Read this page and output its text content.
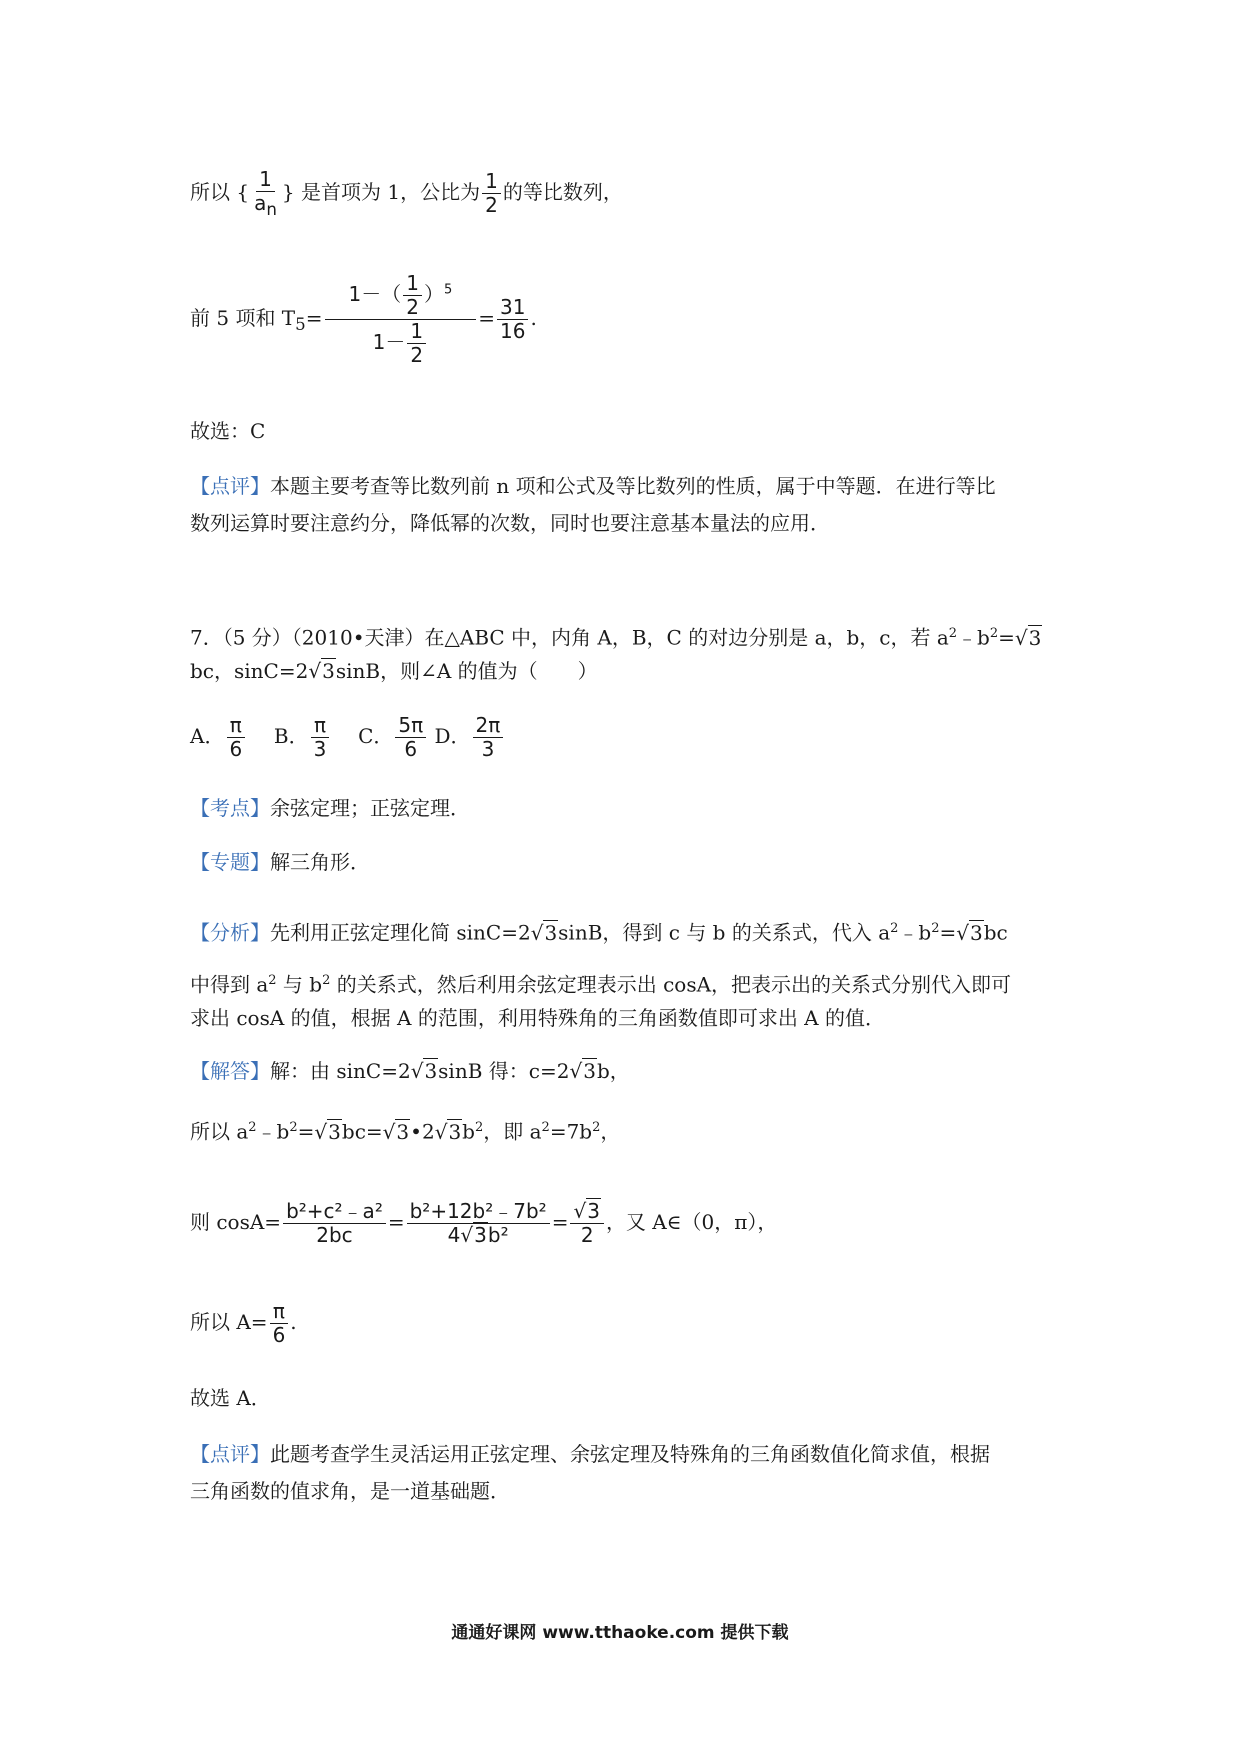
所以 { $\frac{1}{a_n}$ } 是首项为 1，公比为 $\frac{1}{2}$ 的等比数列，
前 5 项和 $T_5= \frac{1-( \frac{1}{2} )^5}{1- \frac{1}{2}} = \frac{31}{16}$ .
故选：C
【点评】本题主要考查等比数列前 n 项和公式及等比数列的性质，属于中等题．在进行等比
数列运算时要注意约分，降低幂的次数，同时也要注意基本量法的应用．
7．（5 分）（2010•天津）在△ABC 中，内角 A，B，C 的对边分别是 a，b，c，若 $a^2﹣b^2=√3$
bc，sinC=2√3sinB，则∠A 的值为（　　）
A． $\frac{\pi}{6}$ B． $\frac{\pi}{3}$ C． $\frac{5\pi}{6}$ D． $\frac{2\pi}{3}$
【考点】余弦定理；正弦定理．
【专题】解三角形．
【分析】先利用正弦定理化简 sinC=2√3sinB，得到 c 与 b 的关系式，代入 $a^2﹣b^2=√3bc$
中得到 $a^2$ 与 $b^2$ 的关系式，然后利用余弦定理表示出 cosA，把表示出的关系式分别代入即可
求出 cosA 的值，根据 A 的范围，利用特殊角的三角函数值即可求出 A 的值．
【解答】解：由 sinC=2√3sinB 得：c=2√3b，
所以 $a^2﹣b^2=√3bc=√3•2√3b^2$，即 $a^2=7b^2$，
则 $\cos A= \frac{\text{b²+c²﹣a²}}{2bc} = \frac{\text{b²+12b²﹣7b²}}{\text{4√3b²}} = \frac{√3}{2}$ ，又 A∈（0，π），
所以 $A= \frac{\pi}{6}$ .
故选 A．
【点评】此题考查学生灵活运用正弦定理、余弦定理及特殊角的三角函数值化简求值，根据
三角函数的值求角，是一道基础题．
通通好课网 www.tthaoke.com 提供下载
